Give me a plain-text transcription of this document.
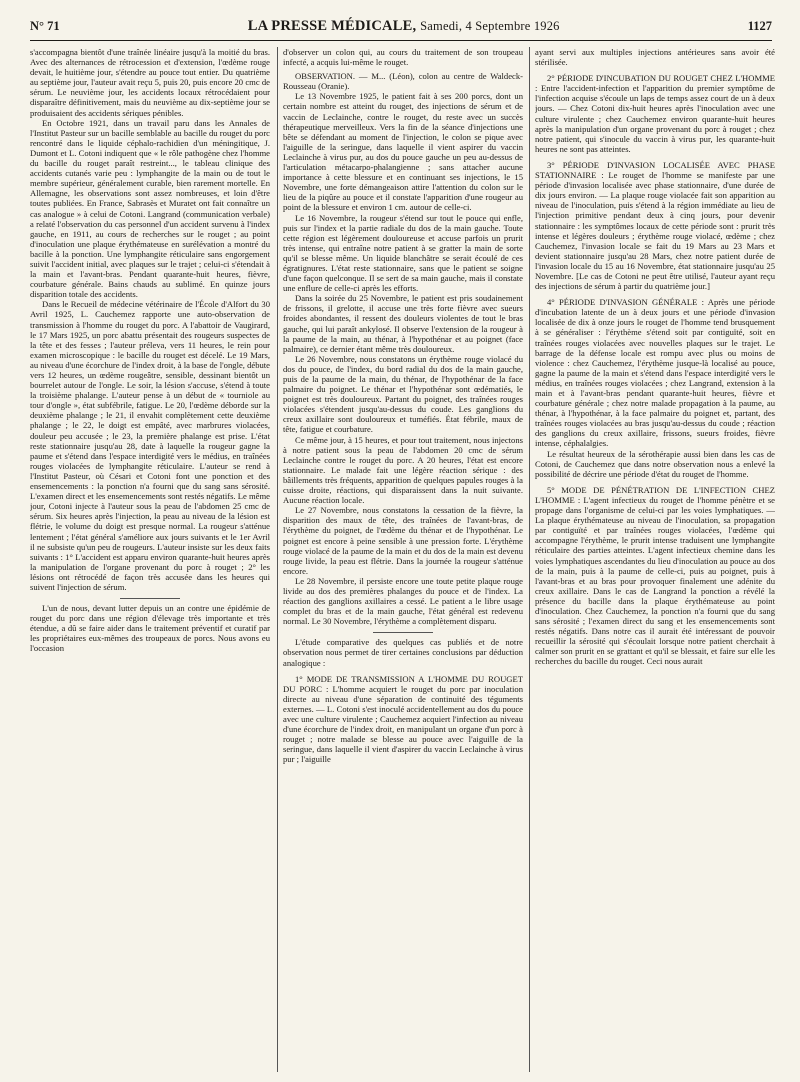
N° 71	LA PRESSE MÉDICALE, Samedi, 4 Septembre 1926	1127

s'accompagna bientôt d'une traînée linéaire jusqu'à la moitié du bras. Avec des alternances de rétrocession et d'extension, l'œdème rouge devait, le huitième jour, s'étendre au pouce tout entier. Du quatrième au septième jour, l'auteur avait reçu 5, puis 20, puis encore 20 cmc de sérum. Le neuvième jour, les accidents locaux rétrocédaient pour disparaître définitivement, mais du neuvième au dix-septième jour se produisaient des accidents sériques pénibles.

En Octobre 1921, dans un travail paru dans les Annales de l'Institut Pasteur sur un bacille semblable au bacille du rouget du porc rencontré dans le liquide céphalo-rachidien d'un méningitique, J. Dumont et L. Cotoni indiquent que « le rôle pathogène chez l'homme du bacille du rouget paraît restreint..., le tableau clinique des accidents cutanés varie peu : lymphangite de la main ou de tout le membre supérieur, généralement curable, bien rarement mortelle. En Allemagne, les observations sont assez nombreuses, et loin d'être toutes publiées. En France, Sabrasès et Muratet ont fait connaître un cas analogue » à celui de Cotoni. Langrand (communication verbale) a relaté l'observation du cas personnel d'un accident survenu à l'index gauche, en 1911, au cours de recherches sur le rouget ; au point d'inoculation une plaque érythémateuse en surélévation a montré du bacille à la ponction. Une lymphangite réticulaire sans engorgement suivit l'accident initial, avec plaques sur le trajet ; celui-ci s'étendait à la main et l'avant-bras. Pendant quarante-huit heures, fièvre, courbature générale. Bains chauds au sublimé. En quinze jours disparition totale des accidents.

Dans le Recueil de médecine vétérinaire de l'École d'Alfort du 30 Avril 1925, L. Cauchemez rapporte une auto-observation de transmission à l'homme du rouget du porc. A l'abattoir de Vaugirard, le 17 Mars 1925, un porc abattu présentait des rougeurs suspectes de la tête et des fesses ; l'auteur préleva, vers 11 heures, le rein pour examen microscopique : le bacille du rouget est décelé. Le 19 Mars, au niveau d'une écorchure de l'index droit, à la base de l'ongle, débute vers 12 heures, un œdème rougeâtre, sensible, dessinant bientôt un bourrelet autour de l'ongle. Le soir, la lésion s'accuse, s'étend à toute la troisième phalange. L'auteur pense à un début de « tourniole au tour d'ongle », état subfébrile, fatigue. Le 20, l'œdème déborde sur la deuxième phalange ; le 21, il envahit complètement cette deuxième phalange ; le 22, le doigt est empâté, avec marbrures violacées, douleur peu accusée ; le 23, la première phalange est prise. L'état reste stationnaire jusqu'au 28, date à laquelle la rougeur gagne la paume et s'étend dans l'espace interdigité vers le médius, en traînées rouges violacées de lymphangite réticulaire. L'auteur se rend à l'Institut Pasteur, où Césari et Cotoni font une ponction et des ensemencements : la ponction n'a fourni que du sang sans sérosité. L'examen direct et les ensemencements sont restés négatifs. Le même jour, Cotoni injecte à l'auteur sous la peau de l'abdomen 25 cmc de sérum. Six heures après l'injection, la peau au niveau de la lésion est flétrie, le volume du doigt est presque normal. La rougeur s'atténue lentement ; l'état général s'améliore aux jours suivants et le 1er Avril il ne subsiste qu'un peu de rougeurs. L'auteur insiste sur les deux faits suivants : 1° L'accident est apparu environ quarante-huit heures après la manipulation de l'organe provenant du porc à rouget ; 2° les lésions ont rétrocédé de façon très accusée dans les heures qui suivent l'injection de sérum.

L'un de nous, devant lutter depuis un an contre une épidémie de rouget du porc dans une région d'élevage très importante et très étendue, a dû se faire aider dans le traitement préventif et curatif par les propriétaires eux-mêmes des troupeaux de porcs. Nous avons eu l'occasion

d'observer un colon qui, au cours du traitement de son troupeau infecté, a acquis lui-même le rouget.

OBSERVATION. — M... (Léon), colon au centre de Waldeck-Rousseau (Oranie).

Le 13 Novembre 1925, le patient fait à ses 200 porcs, dont un certain nombre est atteint du rouget, des injections de sérum et de vaccin de Leclainche, contre le rouget, du reste avec un succès thérapeutique merveilleux. Vers la fin de la séance d'injections une bête se défendant au moment de l'injection, le colon se pique avec l'aiguille de la seringue, dans laquelle il vient aspirer du vaccin Leclainche à virus pur, au dos du pouce gauche un peu au-dessus de l'articulation métacarpo-phalangienne ; sans attacher aucune importance à cette blessure et en continuant ses injections, le 15 Novembre, une forte démangeaison attire l'attention du colon sur le lieu de la piqûre au pouce et il constate l'apparition d'une rougeur au point de la blessure et environ 1 cm. autour de celle-ci.

Le 16 Novembre, la rougeur s'étend sur tout le pouce qui enfle, puis sur l'index et la partie radiale du dos de la main gauche. Toute cette région est légèrement douloureuse et accuse parfois un prurit très intense, qui entraîne notre patient à se gratter la main de sorte qu'il se blesse même. Un liquide blanchâtre se serait écoulé de ces égratignures. L'état reste stationnaire, sans que le patient se soigne d'une façon quelconque. Il se sert de sa main gauche, mais il constate une enflure de celle-ci après les efforts.

Dans la soirée du 25 Novembre, le patient est pris soudainement de frissons, il grelotte, il accuse une très forte fièvre avec sueurs froides abondantes, il ressent des douleurs violentes de tout le bras gauche, qui lui paraît ankylosé. Il observe l'extension de la rougeur à la paume de la main, au thénar, à l'hypothénar et au poignet (face palmaire), ce dernier étant même très douloureux.

Le 26 Novembre, nous constatons un érythème rouge violacé du dos du pouce, de l'index, du bord radial du dos de la main gauche, puis de la paume de la main, du thénar, de l'hypothénar de la face palmaire du poignet. Le thénar et l'hypothénar sont œdématiés, le poignet est très douloureux. Partant du poignet, des traînées rouges violacées s'étendent jusqu'au-dessus du coude. Les ganglions du creux axillaire sont douloureux et tuméfiés. État fébrile, maux de tête, fatigue et courbature.

Ce même jour, à 15 heures, et pour tout traitement, nous injectons à notre patient sous la peau de l'abdomen 20 cmc de sérum Leclainche contre le rouget du porc. A 20 heures, l'état est encore stationnaire. Le malade fait une légère réaction sérique : des bâillements très fréquents, apparition de quelques papules rouges à la cuisse droite, réactions, qui disparaissent dans la nuit suivante. Aucune réaction locale.

Le 27 Novembre, nous constatons la cessation de la fièvre, la disparition des maux de tête, des traînées de l'avant-bras, de l'érythème du poignet, de l'œdème du thénar et de l'hypothénar. Le poignet est encore à peine sensible à une pression forte. L'érythème rouge violacé de la paume de la main et du dos de la main est devenu rouge livide, la peau est flétrie. Dans la journée la rougeur s'atténue encore.

Le 28 Novembre, il persiste encore une toute petite plaque rouge livide au dos des premières phalanges du pouce et de l'index. La réaction des ganglions axillaires a cessé. Le patient a le libre usage complet du bras et de la main gauche, l'état général est redevenu normal. Le 30 Novembre, l'érythème a complètement disparu.

L'étude comparative des quelques cas publiés et de notre observation nous permet de tirer certaines conclusions par déduction analogique :

1° MODE DE TRANSMISSION A L'HOMME DU ROUGET DU PORC : L'homme acquiert le rouget du porc par inoculation directe au niveau d'une séparation de continuité des téguments externes. — L. Cotoni s'est inoculé accidentellement au dos du pouce avec une culture virulente ; Cauchemez acquiert l'infection au niveau d'une écorchure de l'index droit, en manipulant un organe d'un porc à rouget ; notre malade se blesse au pouce avec l'aiguille de la seringue, dans laquelle il vient d'aspirer du vaccin Leclainche à virus pur ; l'aiguille

ayant servi aux multiples injections antérieures sans avoir été stérilisée.

2° PÉRIODE D'INCUBATION DU ROUGET CHEZ L'HOMME : Entre l'accident-infection et l'apparition du premier symptôme de l'infection acquise s'écoule un laps de temps assez court de un à deux jours. — Chez Cotoni dix-huit heures après l'inoculation avec une culture virulente ; chez Cauchemez environ quarante-huit heures après la manipulation d'un organe provenant du porc à rouget ; chez notre patient, qui s'inocule du vaccin à virus pur, les quarante-huit heures ne sont pas atteintes.

3° PÉRIODE D'INVASION LOCALISÉE AVEC PHASE STATIONNAIRE : Le rouget de l'homme se manifeste par une période d'invasion localisée avec phase stationnaire, d'une durée de dix jours environ. — La plaque rouge violacée fait son apparition au niveau de l'inoculation, puis s'étend à la région immédiate au lieu de l'injection primitive pendant deux à cinq jours, pour devenir stationnaire : les symptômes locaux de cette période sont : prurit très intense et légères douleurs ; érythème rouge violacé, œdème ; chez Cauchemez, l'invasion locale se fait du 19 Mars au 23 Mars et devient stationnaire jusqu'au 28 Mars, chez notre patient durée de l'invasion locale du 15 au 16 Novembre, état stationnaire jusqu'au 25 Novembre. [Le cas de Cotoni ne peut être utilisé, l'auteur ayant reçu des injections de sérum à partir du quatrième jour.]

4° PÉRIODE D'INVASION GÉNÉRALE : Après une période d'incubation latente de un à deux jours et une période d'invasion localisée de dix à onze jours le rouget de l'homme tend brusquement à se généraliser : l'érythème s'étend soit par contiguïté, soit en traînées rouges violacées avec nouvelles plaques sur le trajet. Le barrage de la défense locale est rompu avec plus ou moins de violence : chez Cauchemez, l'érythème jusque-là localisé au pouce, gagne la paume de la main et s'étend dans l'espace interdigité vers le médius, en traînées rouges violacées ; chez Langrand, extension à la main et à l'avant-bras pendant quarante-huit heures, fièvre et courbature générale ; chez notre malade propagation à la paume, au thénar, à l'hypothénar, à la face palmaire du poignet et, partant, des traînées rouges violacées au bras jusqu'au-dessus du coude ; réaction des ganglions du creux axillaire, frissons, sueurs froides, fièvre intense, céphalalgies.

Le résultat heureux de la sérothérapie aussi bien dans les cas de Cotoni, de Cauchemez que dans notre observation nous a enlevé la possibilité de décrire une période d'état du rouget de l'homme.

5° MODE DE PÉNÉTRATION DE L'INFECTION CHEZ L'HOMME : L'agent infectieux du rouget de l'homme pénètre et se propage dans l'organisme de celui-ci par les voies lymphatiques. — La plaque érythémateuse au niveau de l'inoculation, sa propagation par contiguïté et par traînées rouges violacées, l'œdème qui accompagne l'érythème, le prurit intense traduisent une lymphangite réticulaire des parties atteintes. L'agent infectieux chemine dans les voies lymphatiques ascendantes du lieu d'inoculation au pouce au dos de la main, puis à la paume de celle-ci, puis au poignet, puis à l'avant-bras et au bras pour provoquer finalement une adénite du creux axillaire. Dans le cas de Langrand la ponction a révélé la présence du bacille dans la plaque érythémateuse au point d'inoculation. Chez Cauchemez, la ponction n'a fourni que du sang sans sérosité ; l'examen direct du sang et les ensemencements sont restés négatifs. Dans notre cas il aurait été intéressant de pouvoir recueillir la sérosité qui s'écoulait lorsque notre patient cherchait à calmer son prurit en se grattant et qu'il se blessait, et faire sur elle les recherches du bacille du rouget. Ceci nous aurait
